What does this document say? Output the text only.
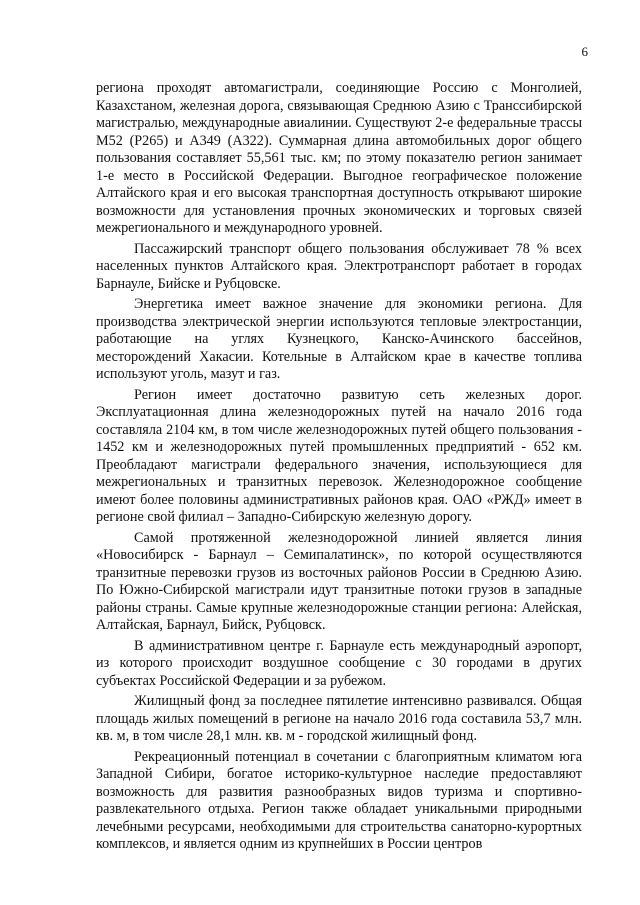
6

региона проходят автомагистрали, соединяющие Россию с Монголией, Казахстаном, железная дорога, связывающая Среднюю Азию с Транссибирской магистралью, международные авиалинии. Существуют 2-е федеральные трассы М52 (Р265) и А349 (А322). Суммарная длина автомобильных дорог общего пользования составляет 55,561 тыс. км; по этому показателю регион занимает 1-е место в Российской Федерации. Выгодное географическое положение Алтайского края и его высокая транспортная доступность открывают широкие возможности для установления прочных экономических и торговых связей межрегионального и международного уровней.

Пассажирский транспорт общего пользования обслуживает 78 % всех населенных пунктов Алтайского края. Электротранспорт работает в городах Барнауле, Бийске и Рубцовске.

Энергетика имеет важное значение для экономики региона. Для производства электрической энергии используются тепловые электростанции, работающие на углях Кузнецкого, Канско-Ачинского бассейнов, месторождений Хакасии. Котельные в Алтайском крае в качестве топлива используют уголь, мазут и газ.

Регион имеет достаточно развитую сеть железных дорог. Эксплуатационная длина железнодорожных путей на начало 2016 года составляла 2104 км, в том числе железнодорожных путей общего пользования - 1452 км и железнодорожных путей промышленных предприятий - 652 км. Преобладают магистрали федерального значения, использующиеся для межрегиональных и транзитных перевозок. Железнодорожное сообщение имеют более половины административных районов края. ОАО «РЖД» имеет в регионе свой филиал – Западно-Сибирскую железную дорогу.

Самой протяженной железнодорожной линией является линия «Новосибирск - Барнаул – Семипалатинск», по которой осуществляются транзитные перевозки грузов из восточных районов России в Среднюю Азию. По Южно-Сибирской магистрали идут транзитные потоки грузов в западные районы страны. Самые крупные железнодорожные станции региона: Алейская, Алтайская, Барнаул, Бийск, Рубцовск.

В административном центре г. Барнауле есть международный аэропорт, из которого происходит воздушное сообщение с 30 городами в других субъектах Российской Федерации и за рубежом.

Жилищный фонд за последнее пятилетие интенсивно развивался. Общая площадь жилых помещений в регионе на начало 2016 года составила 53,7 млн. кв. м, в том числе 28,1 млн. кв. м - городской жилищный фонд.

Рекреационный потенциал в сочетании с благоприятным климатом юга Западной Сибири, богатое историко-культурное наследие предоставляют возможность для развития разнообразных видов туризма и спортивно-развлекательного отдыха. Регион также обладает уникальными природными лечебными ресурсами, необходимыми для строительства санаторно-курортных комплексов, и является одним из крупнейших в России центров
